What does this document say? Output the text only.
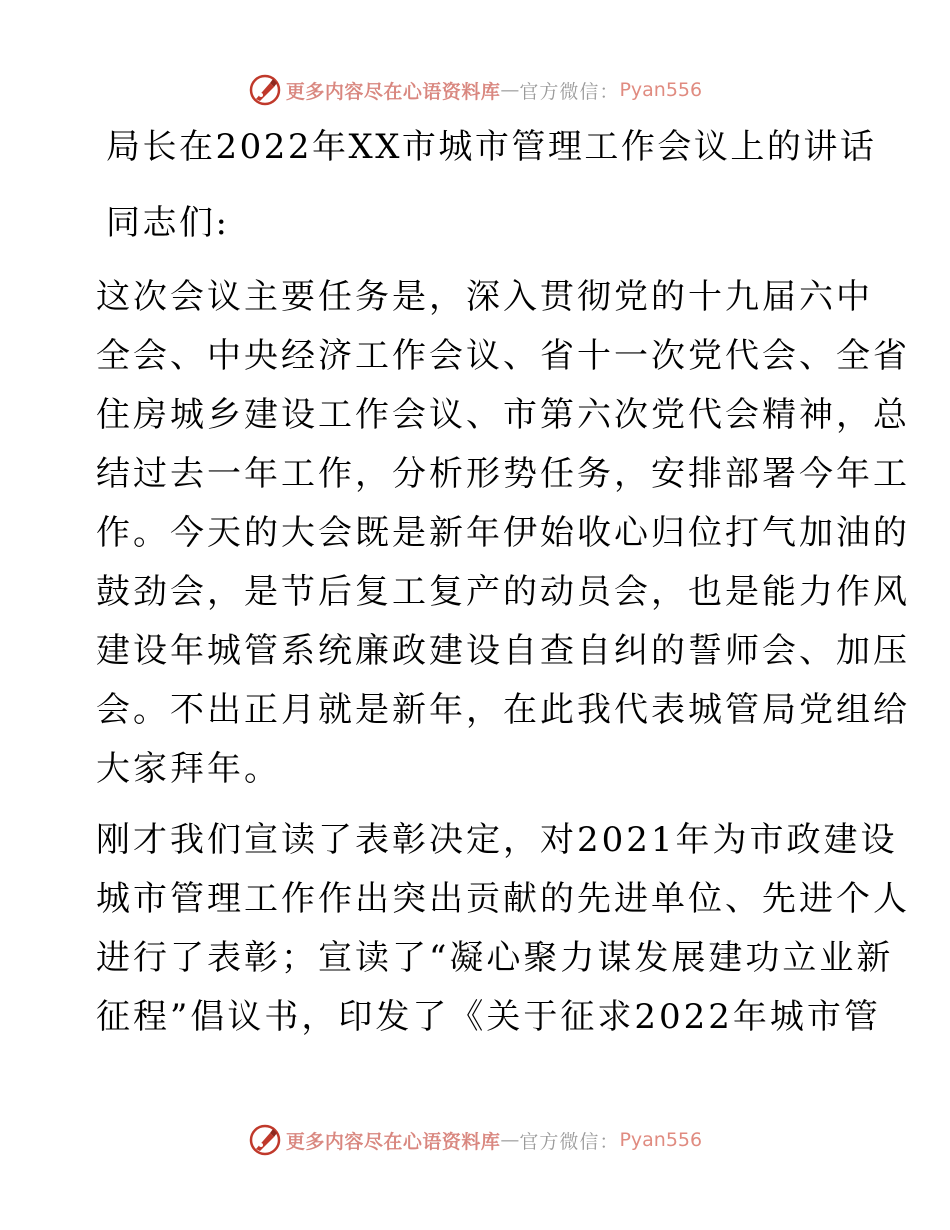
更多内容尽在心语资料库 — 官方微信： Pyan556
局长在2022年XX市城市管理工作会议上的讲话
同志们:
这次会议主要任务是，深入贯彻党的十九届六中
全会、中央经济工作会议、省十一次党代会、全省
住房城乡建设工作会议、市第六次党代会精神，总
结过去一年工作，分析形势任务，安排部署今年工
作。今天的大会既是新年伊始收心归位打气加油的
鼓劲会，是节后复工复产的动员会，也是能力作风
建设年城管系统廉政建设自查自纠的誓师会、加压
会。不出正月就是新年，在此我代表城管局党组给
大家拜年。
刚才我们宣读了表彰决定，对2021年为市政建设
城市管理工作作出突出贡献的先进单位、先进个人
进行了表彰；宣读了“凝心聚力谋发展建功立业新
征程”倡议书，印发了《关于征求2022年城市管
更多内容尽在心语资料库 — 官方微信： Pyan556
